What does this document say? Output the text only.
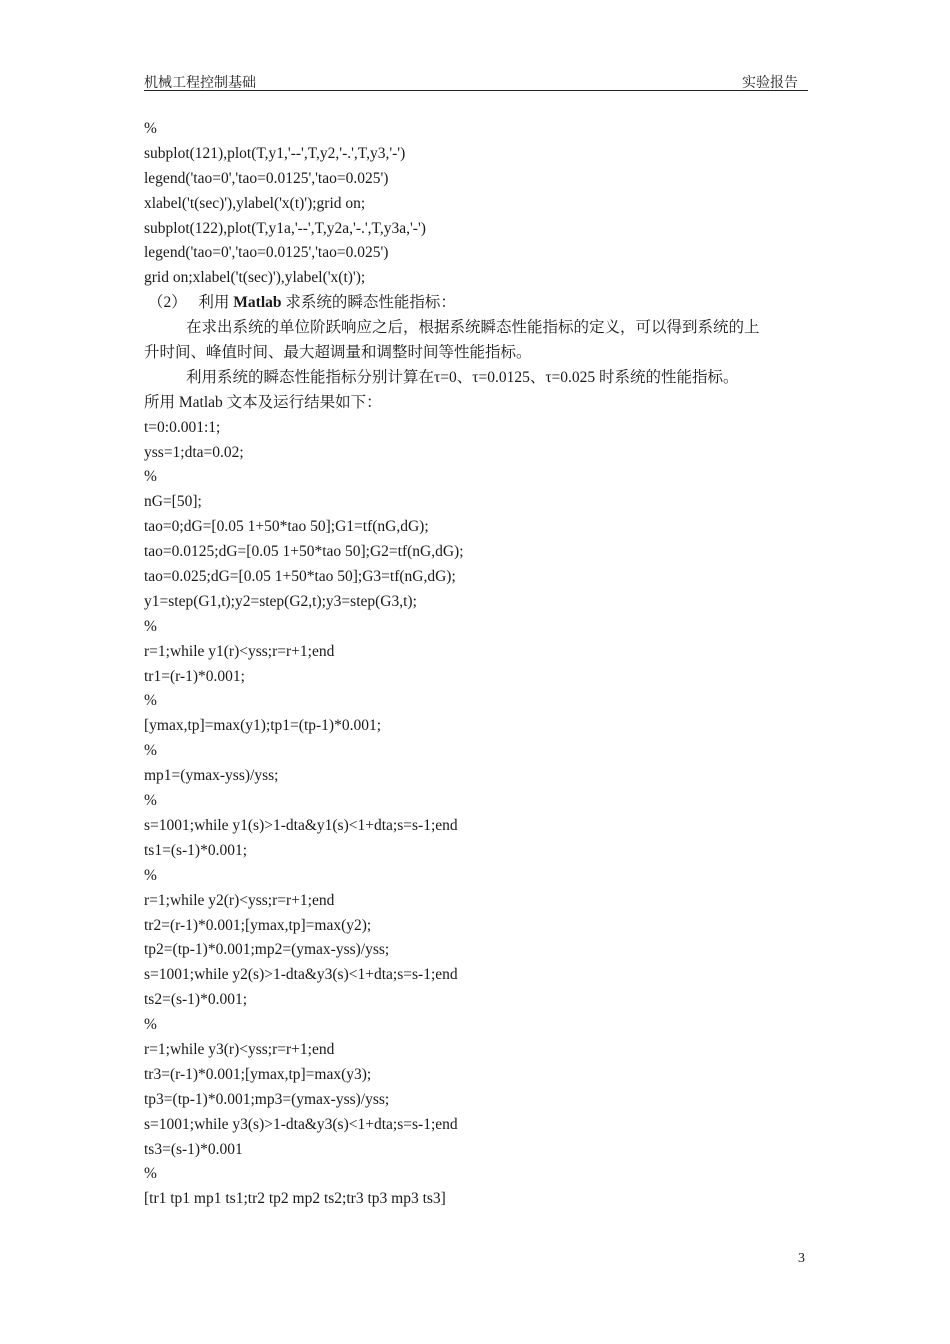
机械工程控制基础	实验报告
%
subplot(121),plot(T,y1,'--',T,y2,'-.',T,y3,'-')
legend('tao=0','tao=0.0125','tao=0.025')
xlabel('t(sec)'),ylabel('x(t)');grid on;
subplot(122),plot(T,y1a,'--',T,y2a,'-.',T,y3a,'-')
legend('tao=0','tao=0.0125','tao=0.025')
grid on;xlabel('t(sec)'),ylabel('x(t)');
（2） 利用 Matlab 求系统的瞬态性能指标：
在求出系统的单位阶跃响应之后，根据系统瞬态性能指标的定义，可以得到系统的上
升时间、峰值时间、最大超调量和调整时间等性能指标。
利用系统的瞬态性能指标分别计算在τ=0、τ=0.0125、τ=0.025 时系统的性能指标。
所用 Matlab 文本及运行结果如下：
t=0:0.001:1;
yss=1;dta=0.02;
%
nG=[50];
tao=0;dG=[0.05 1+50*tao 50];G1=tf(nG,dG);
tao=0.0125;dG=[0.05 1+50*tao 50];G2=tf(nG,dG);
tao=0.025;dG=[0.05 1+50*tao 50];G3=tf(nG,dG);
y1=step(G1,t);y2=step(G2,t);y3=step(G3,t);
%
r=1;while y1(r)<yss;r=r+1;end
tr1=(r-1)*0.001;
%
[ymax,tp]=max(y1);tp1=(tp-1)*0.001;
%
mp1=(ymax-yss)/yss;
%
s=1001;while y1(s)>1-dta&y1(s)<1+dta;s=s-1;end
ts1=(s-1)*0.001;
%
r=1;while y2(r)<yss;r=r+1;end
tr2=(r-1)*0.001;[ymax,tp]=max(y2);
tp2=(tp-1)*0.001;mp2=(ymax-yss)/yss;
s=1001;while y2(s)>1-dta&y3(s)<1+dta;s=s-1;end
ts2=(s-1)*0.001;
%
r=1;while y3(r)<yss;r=r+1;end
tr3=(r-1)*0.001;[ymax,tp]=max(y3);
tp3=(tp-1)*0.001;mp3=(ymax-yss)/yss;
s=1001;while y3(s)>1-dta&y3(s)<1+dta;s=s-1;end
ts3=(s-1)*0.001
%
[tr1 tp1 mp1 ts1;tr2 tp2 mp2 ts2;tr3 tp3 mp3 ts3]
3
